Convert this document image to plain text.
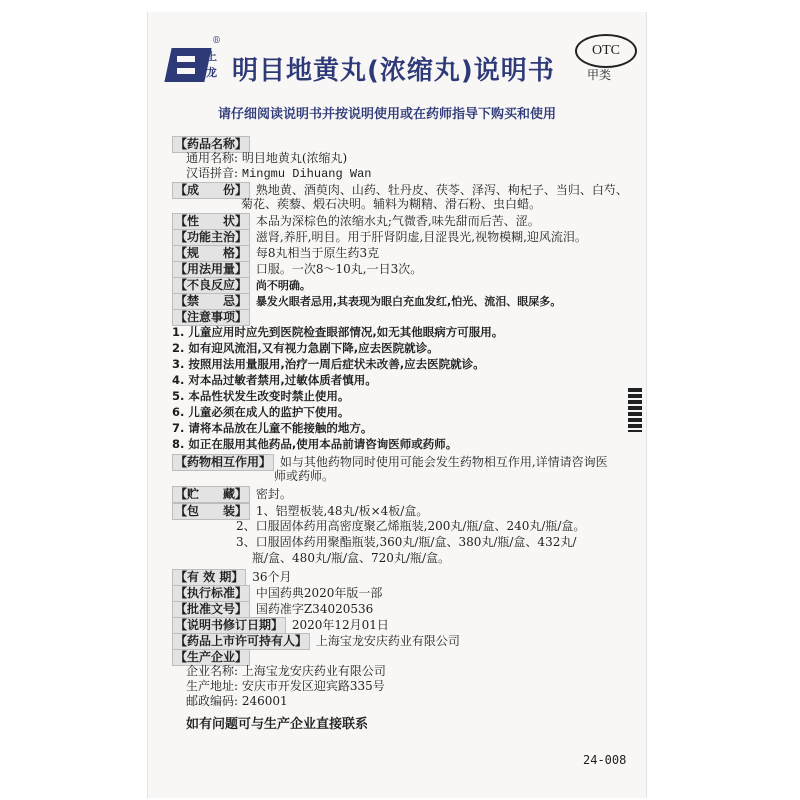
®
上
龙 明目地黄丸(浓缩丸)说明书
OTC
甲类
请仔细阅读说明书并按说明使用或在药师指导下购买和使用
【药品名称】
通用名称: 明目地黄丸(浓缩丸)
汉语拼音: Mingmu Dihuang Wan
【成　　份】 熟地黄、酒萸肉、山药、牡丹皮、茯苓、泽泻、枸杞子、当归、白芍、
菊花、蒺藜、煅石决明。辅料为糊精、滑石粉、虫白蜡。
【性　　状】 本品为深棕色的浓缩水丸;气微香,味先甜而后苦、涩。
【功能主治】 滋肾,养肝,明目。用于肝肾阴虚,目涩畏光,视物模糊,迎风流泪。
【规　　格】 每8丸相当于原生药3克
【用法用量】 口服。一次8～10丸,一日3次。
【不良反应】 尚不明确。
【禁　　忌】 暴发火眼者忌用,其表现为眼白充血发红,怕光、流泪、眼屎多。
【注意事项】
1. 儿童应用时应先到医院检查眼部情况,如无其他眼病方可服用。
2. 如有迎风流泪,又有视力急剧下降,应去医院就诊。
3. 按照用法用量服用,治疗一周后症状未改善,应去医院就诊。
4. 对本品过敏者禁用,过敏体质者慎用。
5. 本品性状发生改变时禁止使用。
6. 儿童必须在成人的监护下使用。
7. 请将本品放在儿童不能接触的地方。
8. 如正在服用其他药品,使用本品前请咨询医师或药师。
【药物相互作用】 如与其他药物同时使用可能会发生药物相互作用,详情请咨询医
师或药师。
【贮　　藏】 密封。
【包　　装】 1、铝塑板装,48丸/板×4板/盒。
2、口服固体药用高密度聚乙烯瓶装,200丸/瓶/盒、240丸/瓶/盒。
3、口服固体药用聚酯瓶装,360丸/瓶/盒、380丸/瓶/盒、432丸/
瓶/盒、480丸/瓶/盒、720丸/瓶/盒。
【有 效 期】 36个月
【执行标准】 中国药典2020年版一部
【批准文号】 国药准字Z34020536
【说明书修订日期】 2020年12月01日
【药品上市许可持有人】 上海宝龙安庆药业有限公司
【生产企业】
企业名称: 上海宝龙安庆药业有限公司
生产地址: 安庆市开发区迎宾路335号
邮政编码: 246001
如有问题可与生产企业直接联系
24-008
